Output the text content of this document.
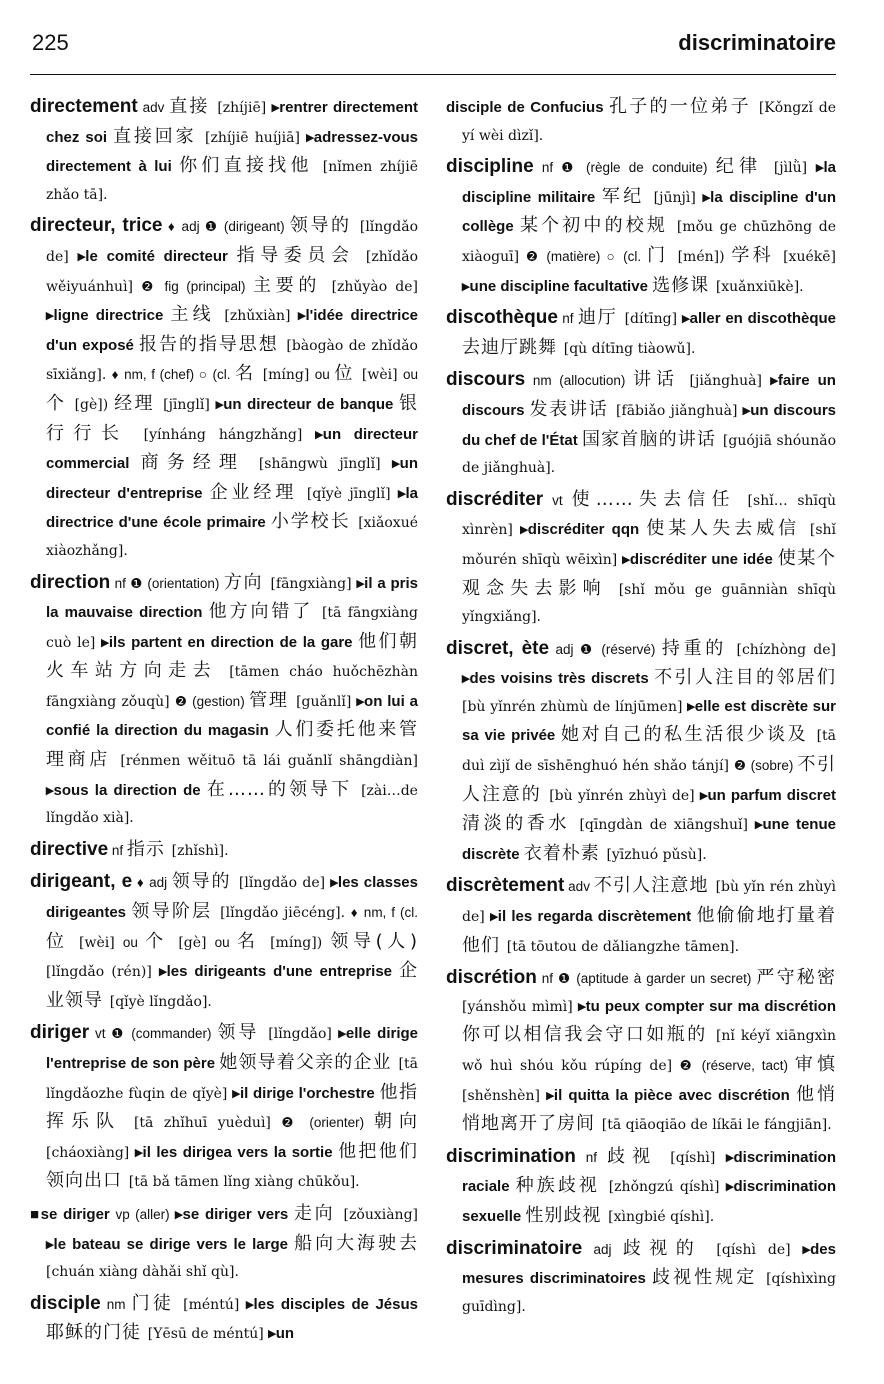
225	discriminatoire

directement adv 直接 [zhíjiē] ▸rentrer directement chez soi 直接回家 [zhíjiē huíjiā] ▸adressez-vous directement à lui 你们直接找他 [nǐmen zhíjiē zhǎo tā].

directeur, trice ♦ adj ❶ (dirigeant) 领导的 [lǐngdǎo de] ▸le comité directeur 指导委员会 [zhǐdǎo wěiyuánhuì] ❷ fig (principal) 主要的 [zhǔyào de] ▸ligne directrice 主线 [zhǔxiàn] ▸l'idée directrice d'un exposé 报告的指导思想 [bàogào de zhǐdǎo sīxiǎng]. ♦ nm, f (chef) ○ (cl. 名 [míng] ou 位 [wèi] ou 个 [gè]) 经理 [jīnglǐ] ▸un directeur de banque 银行行长 [yínháng hángzhǎng] ▸un directeur commercial 商务经理 [shāngwù jīnglǐ] ▸un directeur d'entreprise 企业经理 [qǐyè jīnglǐ] ▸la directrice d'une école primaire 小学校长 [xiǎoxué xiàozhǎng].

direction nf ❶ (orientation) 方向 [fāngxiàng] ▸il a pris la mauvaise direction 他方向错了 [tā fāngxiàng cuò le] ▸ils partent en direction de la gare 他们朝火车站方向走去 [tāmen cháo huǒchēzhàn fāngxiàng zǒuqù] ❷ (gestion) 管理 [guǎnlǐ] ▸on lui a confié la direction du magasin 人们委托他来管理商店 [rénmen wěituō tā lái guǎnlǐ shāngdiàn] ▸sous la direction de 在……的领导下 [zài…de lǐngdǎo xià].

directive nf 指示 [zhǐshì].

dirigeant, e ♦ adj 领导的 [lǐngdǎo de] ▸les classes dirigeantes 领导阶层 [lǐngdǎo jiēcéng]. ♦ nm, f (cl. 位 [wèi] ou 个 [gè] ou 名 [míng]) 领导(人) [lǐngdǎo (rén)] ▸les dirigeants d'une entreprise 企业领导 [qǐyè lǐngdǎo].

diriger vt ❶ (commander) 领导 [lǐngdǎo] ▸elle dirige l'entreprise de son père 她领导着父亲的企业 [tā lǐngdǎozhe fùqin de qǐyè] ▸il dirige l'orchestre 他指挥乐队 [tā zhǐhuī yuèduì] ❷ (orienter) 朝向 [cháoxiàng] ▸il les dirigea vers la sortie 他把他们领向出口 [tā bǎ tāmen lǐng xiàng chūkǒu].

■se diriger vp (aller) ▸se diriger vers 走向 [zǒuxiàng] ▸le bateau se dirige vers le large 船向大海驶去 [chuán xiàng dàhǎi shǐ qù].

disciple nm 门徒 [méntú] ▸les disciples de Jésus 耶稣的门徒 [Yēsū de méntú] ▸un

disciple de Confucius 孔子的一位弟子 [Kǒngzǐ de yí wèi dìzǐ].

discipline nf ❶ (règle de conduite) 纪律 [jìlǜ] ▸la discipline militaire 军纪 [jūnjì] ▸la discipline d'un collège 某个初中的校规 [mǒu ge chūzhōng de xiàoguī] ❷ (matière) ○ (cl. 门 [mén]) 学科 [xuékē] ▸une discipline facultative 选修课 [xuǎnxiūkè].

discothèque nf 迪厅 [dítīng] ▸aller en discothèque 去迪厅跳舞 [qù dítīng tiàowǔ].

discours nm (allocution) 讲话 [jiǎnghuà] ▸faire un discours 发表讲话 [fābiǎo jiǎnghuà] ▸un discours du chef de l'État 国家首脑的讲话 [guójiā shóunǎo de jiǎnghuà].

discréditer vt 使……失去信任 [shǐ… shīqù xìnrèn] ▸discréditer qqn 使某人失去威信 [shǐ mǒurén shīqù wēixìn] ▸discréditer une idée 使某个观念失去影响 [shǐ mǒu ge guānniàn shīqù yǐngxiǎng].

discret, ète adj ❶ (réservé) 持重的 [chízhòng de] ▸des voisins très discrets 不引人注目的邻居们 [bù yǐnrén zhùmù de línjūmen] ▸elle est discrète sur sa vie privée 她对自己的私生活很少谈及 [tā duì zìjǐ de sīshēnghuó hén shǎo tánjí] ❷ (sobre) 不引人注意的 [bù yǐnrén zhùyì de] ▸un parfum discret 清淡的香水 [qīngdàn de xiāngshuǐ] ▸une tenue discrète 衣着朴素 [yīzhuó pǔsù].

discrètement adv 不引人注意地 [bù yǐn rén zhùyì de] ▸il les regarda discrètement 他偷偷地打量着他们 [tā tōutou de dǎliangzhe tāmen].

discrétion nf ❶ (aptitude à garder un secret) 严守秘密 [yánshǒu mìmì] ▸tu peux compter sur ma discrétion 你可以相信我会守口如瓶的 [nǐ kéyǐ xiāngxìn wǒ huì shóu kǒu rúpíng de] ❷ (réserve, tact) 审慎 [shěnshèn] ▸il quitta la pièce avec discrétion 他悄悄地离开了房间 [tā qiāoqiāo de líkāi le fángjiān].

discrimination nf 歧视 [qíshì] ▸discrimination raciale 种族歧视 [zhǒngzú qíshì] ▸discrimination sexuelle 性别歧视 [xìngbié qíshì].

discriminatoire adj 歧视的 [qíshì de] ▸des mesures discriminatoires 歧视性规定 [qíshìxìng guīdìng].
